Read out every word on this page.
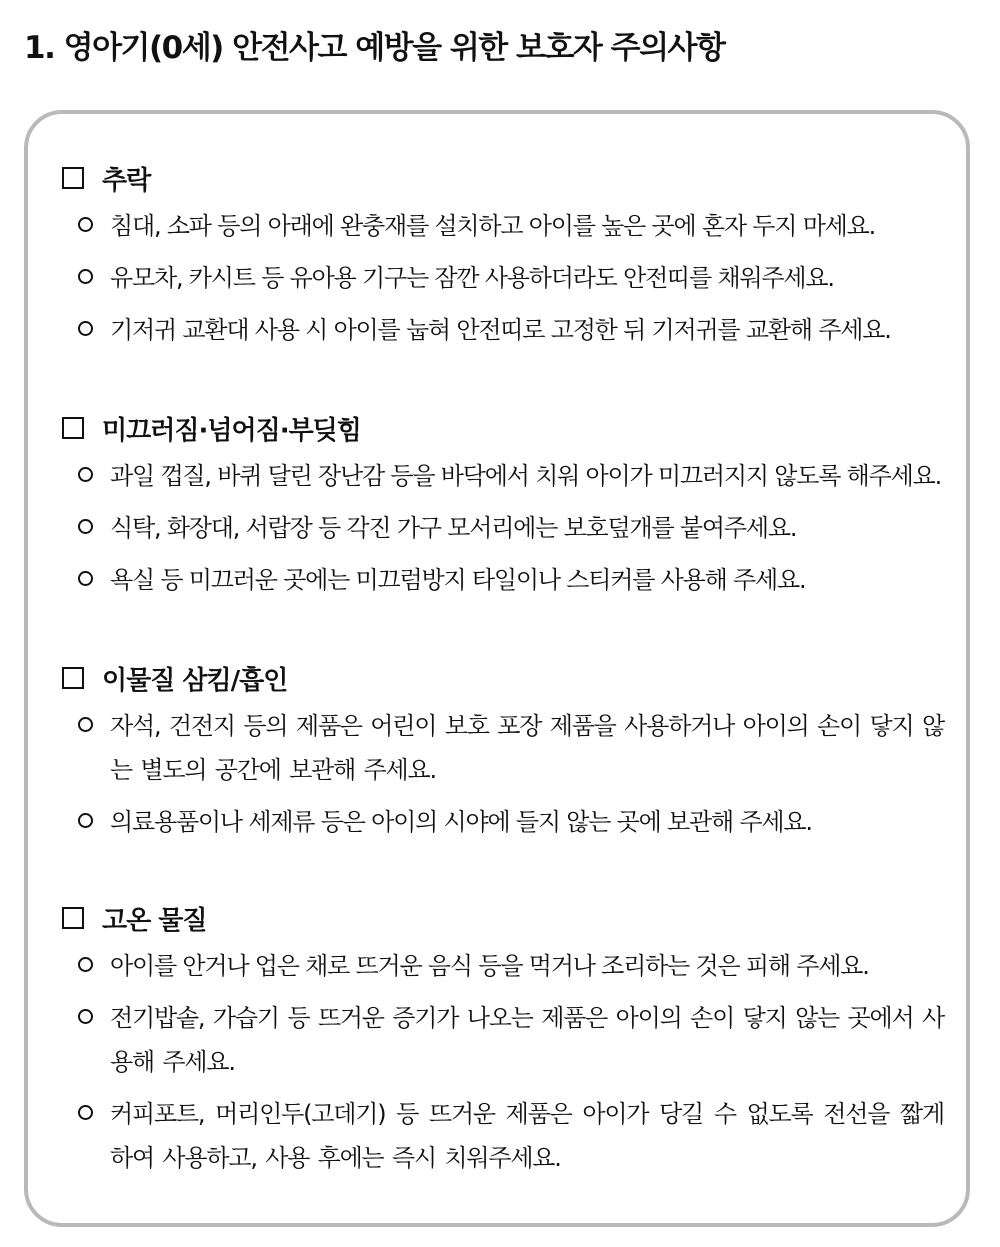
1. 영아기(0세) 안전사고 예방을 위한 보호자 주의사항
추락
침대, 소파 등의 아래에 완충재를 설치하고 아이를 높은 곳에 혼자 두지 마세요.
유모차, 카시트 등 유아용 기구는 잠깐 사용하더라도 안전띠를 채워주세요.
기저귀 교환대 사용 시 아이를 눕혀 안전띠로 고정한 뒤 기저귀를 교환해 주세요.
미끄러짐·넘어짐·부딪힘
과일 껍질, 바퀴 달린 장난감 등을 바닥에서 치워 아이가 미끄러지지 않도록 해주세요.
식탁, 화장대, 서랍장 등 각진 가구 모서리에는 보호덮개를 붙여주세요.
욕실 등 미끄러운 곳에는 미끄럼방지 타일이나 스티커를 사용해 주세요.
이물질 삼킴/흡인
자석, 건전지 등의 제품은 어린이 보호 포장 제품을 사용하거나 아이의 손이 닿지 않는 별도의 공간에 보관해 주세요.
의료용품이나 세제류 등은 아이의 시야에 들지 않는 곳에 보관해 주세요.
고온 물질
아이를 안거나 업은 채로 뜨거운 음식 등을 먹거나 조리하는 것은 피해 주세요.
전기밥솥, 가습기 등 뜨거운 증기가 나오는 제품은 아이의 손이 닿지 않는 곳에서 사용해 주세요.
커피포트, 머리인두(고데기) 등 뜨거운 제품은 아이가 당길 수 없도록 전선을 짧게 하여 사용하고, 사용 후에는 즉시 치워주세요.
